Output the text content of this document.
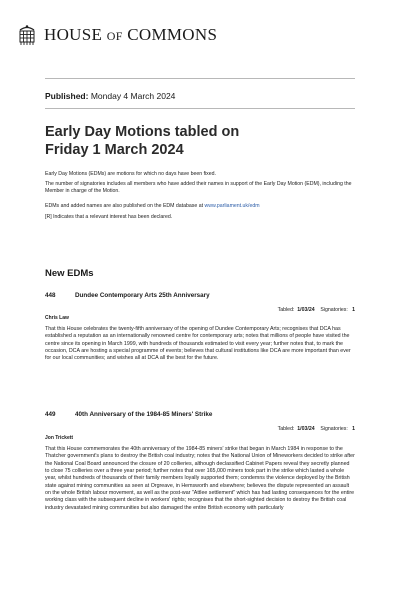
HOUSE OF COMMONS
Published: Monday 4 March 2024
Early Day Motions tabled on
Friday 1 March 2024
Early Day Motions (EDMs) are motions for which no days have been fixed.
The number of signatories includes all members who have added their names in support of the Early Day Motion (EDM), including the Member in charge of the Motion.
EDMs and added names are also published on the EDM database at www.parliament.uk/edm
[R] Indicates that a relevant interest has been declared.
New EDMs
448	Dundee Contemporary Arts 25th Anniversary
Tabled: 1/03/24 Signatories: 1
Chris Law
That this House celebrates the twenty-fifth anniversary of the opening of Dundee Contemporary Arts; recognises that DCA has established a reputation as an internationally renowned centre for contemporary arts; notes that millions of people have visited the centre since its opening in March 1999, with hundreds of thousands estimated to visit every year; further notes that, to mark the occasion, DCA are hosting a special programme of events; believes that cultural institutions like DCA are more important than ever for our local communities; and wishes all at DCA all the best for the future.
449	40th Anniversary of the 1984-85 Miners' Strike
Tabled: 1/03/24 Signatories: 1
Jon Trickett
That this House commemorates the 40th anniversary of the 1984-85 miners' strike that began in March 1984 in response to the Thatcher government's plans to destroy the British coal industry; notes that the National Union of Mineworkers decided to strike after the National Coal Board announced the closure of 20 collieries, although declassified Cabinet Papers reveal they secretly planned to close 75 collieries over a three year period; further notes that over 165,000 miners took part in the strike which lasted a whole year, whilst hundreds of thousands of their family members loyally supported them; condemns the violence deployed by the British state against mining communities as seen at Orgreave, in Hemsworth and elsewhere; believes the dispute represented an assault on the whole British labour movement, as well as the post-war "Attlee settlement" which has had lasting consequences for the entire working class with the subsequent decline in workers' rights; recognises that the short-sighted decision to destroy the British coal industry devastated mining communities but also damaged the entire British economy with particularly
